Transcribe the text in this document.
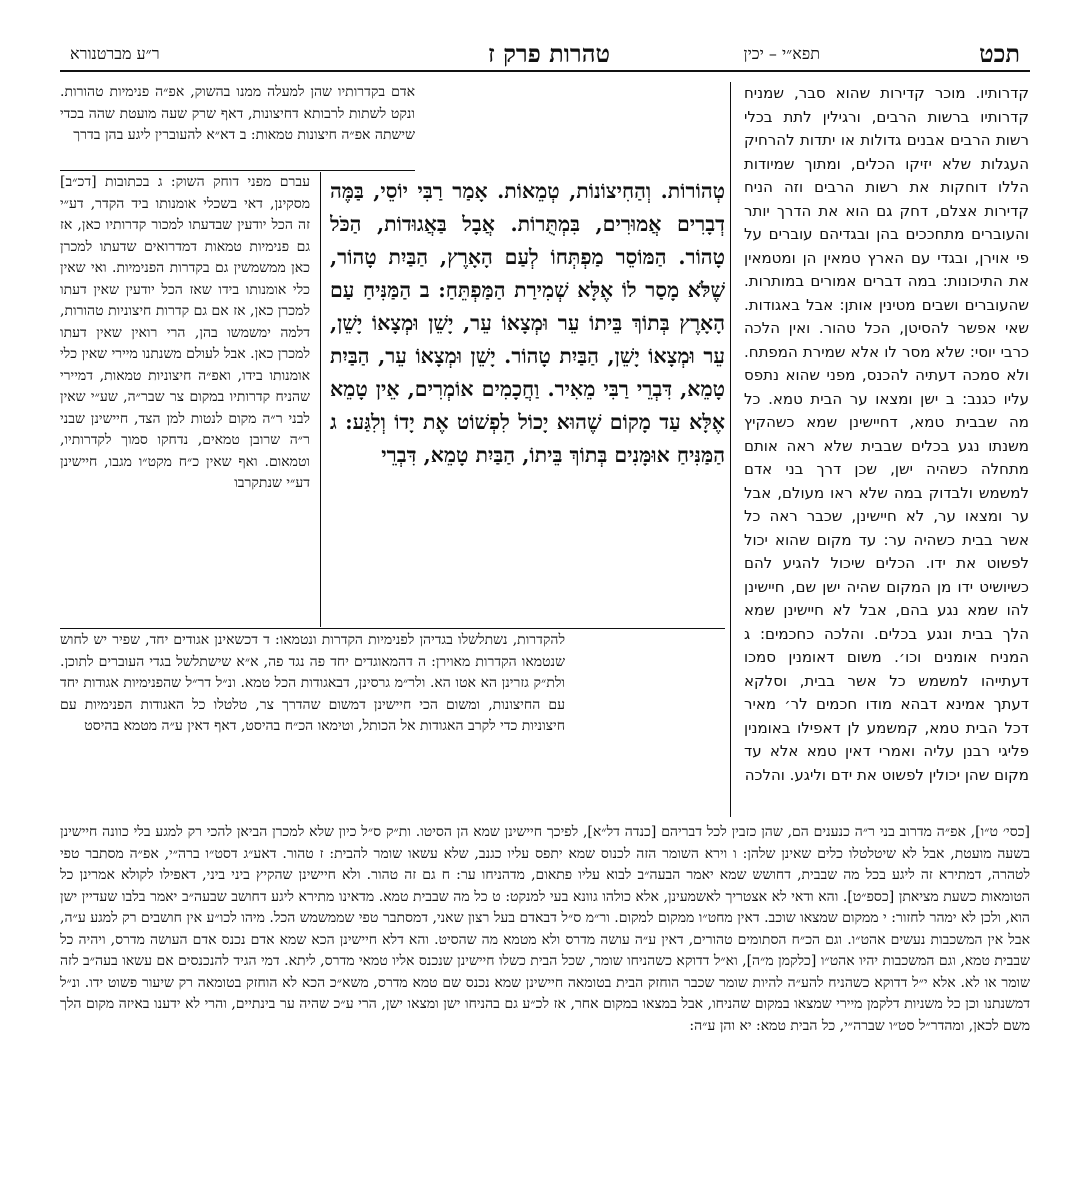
תכט
תפא״י – יכין
טהרות פרק ז
ר״ע מברטנורא
קדרותיו. מוכר קדירות שהוא סבר, שמניח קדרותיו ברשות הרבים, ורגילין לתת בכלי רשות הרבים אבנים גדולות או יתדות להרחיק העגלות שלא יזיקו הכלים, ומתוך שמיודות הללו דוחקות את רשות הרבים וזה הניח קדירות אצלם, דחק גם הוא את הדרך יותר והעוברים מתחככים בהן ובגדיהם עוברים על פי אוירן, ובגדי עם הארץ טמאין הן ומטמאין את התיכונות: במה דברים אמורים במותרות. שהעוברים ושבים מטינין אותן: אבל באגודות. שאי אפשר להסיטן, הכל טהור. ואין הלכה כרבי יוסי: שלא מסר לו אלא שמירת המפתח. ולא סמכה דעתיה להכנס, מפני שהוא נתפס עליו כגנב: ב ישן ומצאו ער הבית טמא. כל מה שבבית טמא, דחיישינן שמא כשהקיץ משנתו נגע בכלים שבבית שלא ראה אותם מתחלה כשהיה ישן, שכן דרך בני אדם למשמש ולבדוק במה שלא ראו מעולם, אבל ער ומצאו ער, לא חיישינן, שכבר ראה כל אשר בבית כשהיה ער: עד מקום שהוא יכול לפשוט את ידו. הכלים שיכול להגיע להם כשיושיט ידו מן המקום שהיה ישן שם, חיישינן להו שמא נגע בהם, אבל לא חיישינן שמא הלך בבית ונגע בכלים. והלכה כחכמים: ג המניח אומנים וכו׳. משום דאומנין סמכו דעתייהו למשמש כל אשר בבית, וסלקא דעתך אמינא דבהא מודו חכמים לר׳ מאיר דכל הבית טמא, קמשמע לן דאפילו באומנין פליגי רבנן עליה ואמרי דאין טמא אלא עד מקום שהן יכולין לפשוט את ידם וליגע. והלכה
אדם בקדרותיו שהן למעלה ממנו בהשוק, אפ״ה פנימיות טהורות. ונקט לשתות לרבותא דחיצונות, דאף שרק שעה מועטת שהה בכדי שישתה אפ״ה חיצונות טמאות: ב דא״א להעוברין ליגע בהן בדרך
עברם מפני דוחק השוק: ג בכתובות [דכ״ב] מסקינן, דאי בשכלי אומנותו ביד הקדר, דע״י זה הכל יודעין שבדעתו למכור קדרותיו כאן, אז גם פנימיות טמאות דמדרואים שדעתו למכרן כאן ממשמשין גם בקדרות הפנימיות. ואי שאין כלי אומנותו בידו שאז הכל יודעין שאין דעתו למכרן כאן, אז אם גם קדרות חיצוניות טהורות, דלמה ימשמשו בהן, הרי רואין שאין דעתו למכרן כאן. אבל לעולם משנתנו מיירי שאין כלי אומנותו בידו, ואפ״ה חיצוניות טמאות, דמיירי שהניח קדרותיו במקום צר שבר״ה, שע״י שאין לבני ר״ה מקום לנטות למן הצד, חיישינן שבני ר״ה שרובן טמאים, נדחקו סמוך לקדרותיו, וטמאום. ואף שאין כ״ח מקט״ו מגבו, חיישינן דע״י שנתקרבו
טְהוֹרוֹת. וְהַחִיצוֹנוֹת, טְמֵאוֹת. אָמַר רַבִּי יוֹסֵי, בַּמֶּה דְבָרִים אֲמוּרִים, בִּמְתֻּרוֹת. אֲבָל בַּאֲגוּדוֹת, הַכֹּל טָהוֹר. הַמּוֹסֵר מַפְתְּחוֹ לְעַם הָאָרֶץ, הַבַּיִת טָהוֹר, שֶׁלֹּא מָסַר לוֹ אֶלָּא שְׁמִירַת הַמַּפְתֵּחַ: ב הַמַּנִּיחַ עַם הָאָרֶץ בְּתוֹךְ בֵּיתוֹ עֵר וּמְצָאוֹ עֵר, יָשֵׁן וּמְצָאוֹ יָשֵׁן, עֵר וּמְצָאוֹ יָשֵׁן, הַבַּיִת טָהוֹר. יָשֵׁן וּמְצָאוֹ עֵר, הַבַּיִת טָמֵא, דִּבְרֵי רַבִּי מֵאִיר. וַחֲכָמִים אוֹמְרִים, אֵין טָמֵא אֶלָּא עַד מָקוֹם שֶׁהוּא יָכוֹל לִפְשׁוֹט אֶת יָדוֹ וְלִגַּע: ג הַמַּנִּיחַ אוּמָּנִים בְּתוֹךְ בֵּיתוֹ, הַבַּיִת טָמֵא, דִּבְרֵי
להקדרות, נשתלשלו בגדיהן לפנימיות הקדרות ונטמאו: ד דכשאינן אגודים יחד, שפיר יש לחוש שנטמאו הקדרות מאוירן: ה דהמאוגדים יחד פה נגד פה, א״א שישתלשל בגדי העוברים לתוכן. ולת״ק גזרינן הא אטו הא. ולר״מ גרסינן, דבאגודות הכל טמא. ונ״ל דר״ל שהפנימיות אגודות יחד עם החיצונות, ומשום הכי חיישינן דמשום שהדרך צר, טלטלו כל האגודות הפנימיות עם חיצוניות כדי לקרב האגודות אל הכותל, וטימאו הכ״ח בהיסט, דאף דאין ע״ה מטמא בהיסט
[כסי׳ ט״ו], אפ״ה מדרוב בני ר״ה כנענים הם, שהן כזבין לכל דבריהם [כנדה דל״א], לפיכך חיישינן שמא הן הסיטו. ות״ק ס״ל כיון שלא למכרן הביאן להכי רק למגע בלי כוונה חיישינן בשעה מועטת, אבל לא שיטלטלו כלים שאינן שלהן: ו וירא השומר הזה לכנוס שמא יתפס עליו כגנב, שלא עשאו שומר להבית: ז טהור. דאע״ג דסט״ו ברה״י, אפ״ה מסתבר טפי לטהרה, דמתירא זה ליגע בכל מה שבבית, דחושש שמא יאמר הבעה״ב לבוא עליו פתאום, מדהניחו ער: ח גם זה טהור. ולא חיישינן שהקיץ ביני ביני, דאפילו לקולא אמרינן כל הטומאות כשעת מציאתן [כספ״ט]. והא ודאי לא אצטריך לאשמעינן, אלא כולהו גוונא בעי למנקט: ט כל מה שבבית טמא. מדאינו מתירא ליגע דחושב שבעה״ב יאמר בלבו שעדיין ישן הוא, ולכן לא ימהר לחזור: י ממקום שמצאו שוכב. דאין מחט״ו ממקום למקום. ור״מ ס״ל דבאדם בעל רצון שאני, דמסתבר טפי שממשמש הכל. מיהו לכו״ע אין חושבים רק למגע ע״ה, אבל אין המשכבות נעשים אהט״ו. וגם הכ״ח הסתומים טהורים, דאין ע״ה עושה מדרס ולא מטמא מה שהסיט. והא דלא חיישינן הכא שמא אדם נכנס אדם העושה מדרס, ויהיה כל שבבית טמא, וגם המשכבות יהיו אהט״ו [כלקמן מ״ה], וא״ל דדוקא כשהניחו שומר, שכל הבית כשלו חיישינן שנכנס אליו טמאי מדרס, ליתא. דמי הגיד להנכנסים אם עשאו בעה״ב לזה שומר או לא. אלא י״ל דדוקא כשהניח להע״ה להיות שומר שכבר הוחזק הבית בטומאה חיישינן שמא נכנס שם טמא מדרס, משא״כ הכא לא הוחזק בטומאה רק שיעור פשוט ידו. ונ״ל דמשנתנו וכן כל משניות דלקמן מיירי שמצאו במקום שהניחו, אבל במצאו במקום אחר, אז לכ״ע גם בהניחו ישן ומצאו ישן, הרי ע״כ שהיה ער בינתיים, והרי לא ידענו באיזה מקום הלך משם לכאן, ומהדר״ל סט״ו שברה״י, כל הבית טמא: יא והן ע״ה:
